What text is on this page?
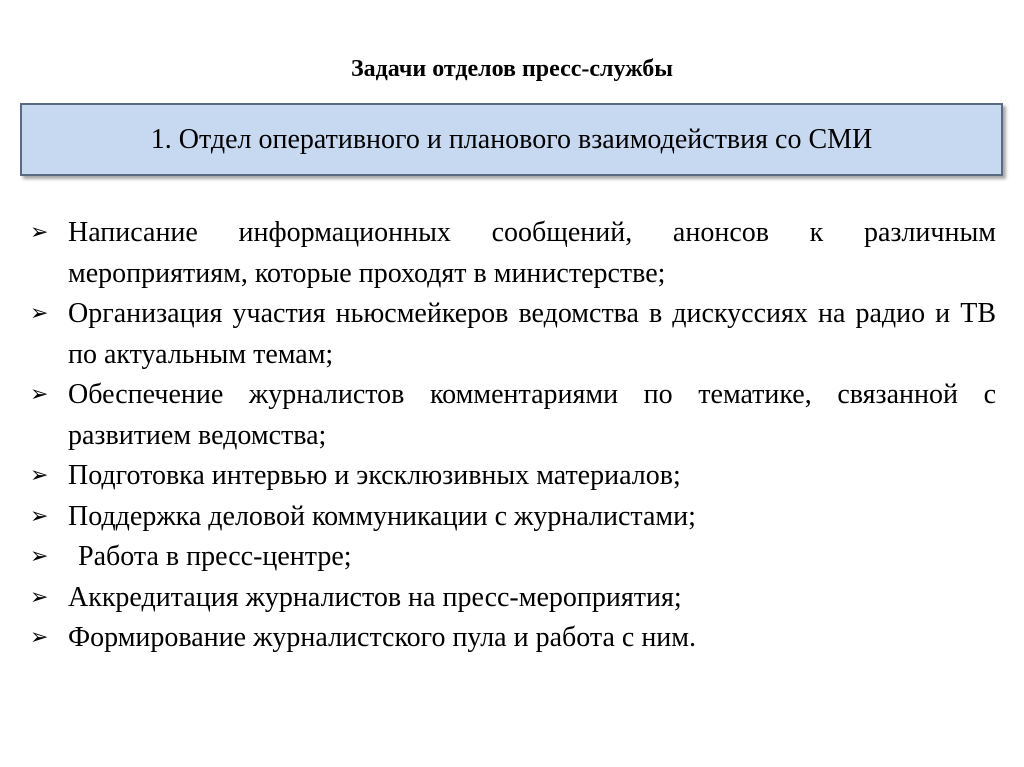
Задачи отделов пресс-службы
1. Отдел оперативного и планового взаимодействия со СМИ
➢ Написание информационных сообщений, анонсов к различным мероприятиям, которые проходят в министерстве;
➢ Организация участия ньюсмейкеров ведомства в дискуссиях на радио и ТВ по актуальным темам;
➢ Обеспечение журналистов комментариями по тематике, связанной с развитием ведомства;
➢ Подготовка интервью и эксклюзивных материалов;
➢ Поддержка деловой коммуникации с журналистами;
➢ Работа в пресс-центре;
➢ Аккредитация журналистов на пресс-мероприятия;
➢ Формирование журналистского пула и работа с ним.
